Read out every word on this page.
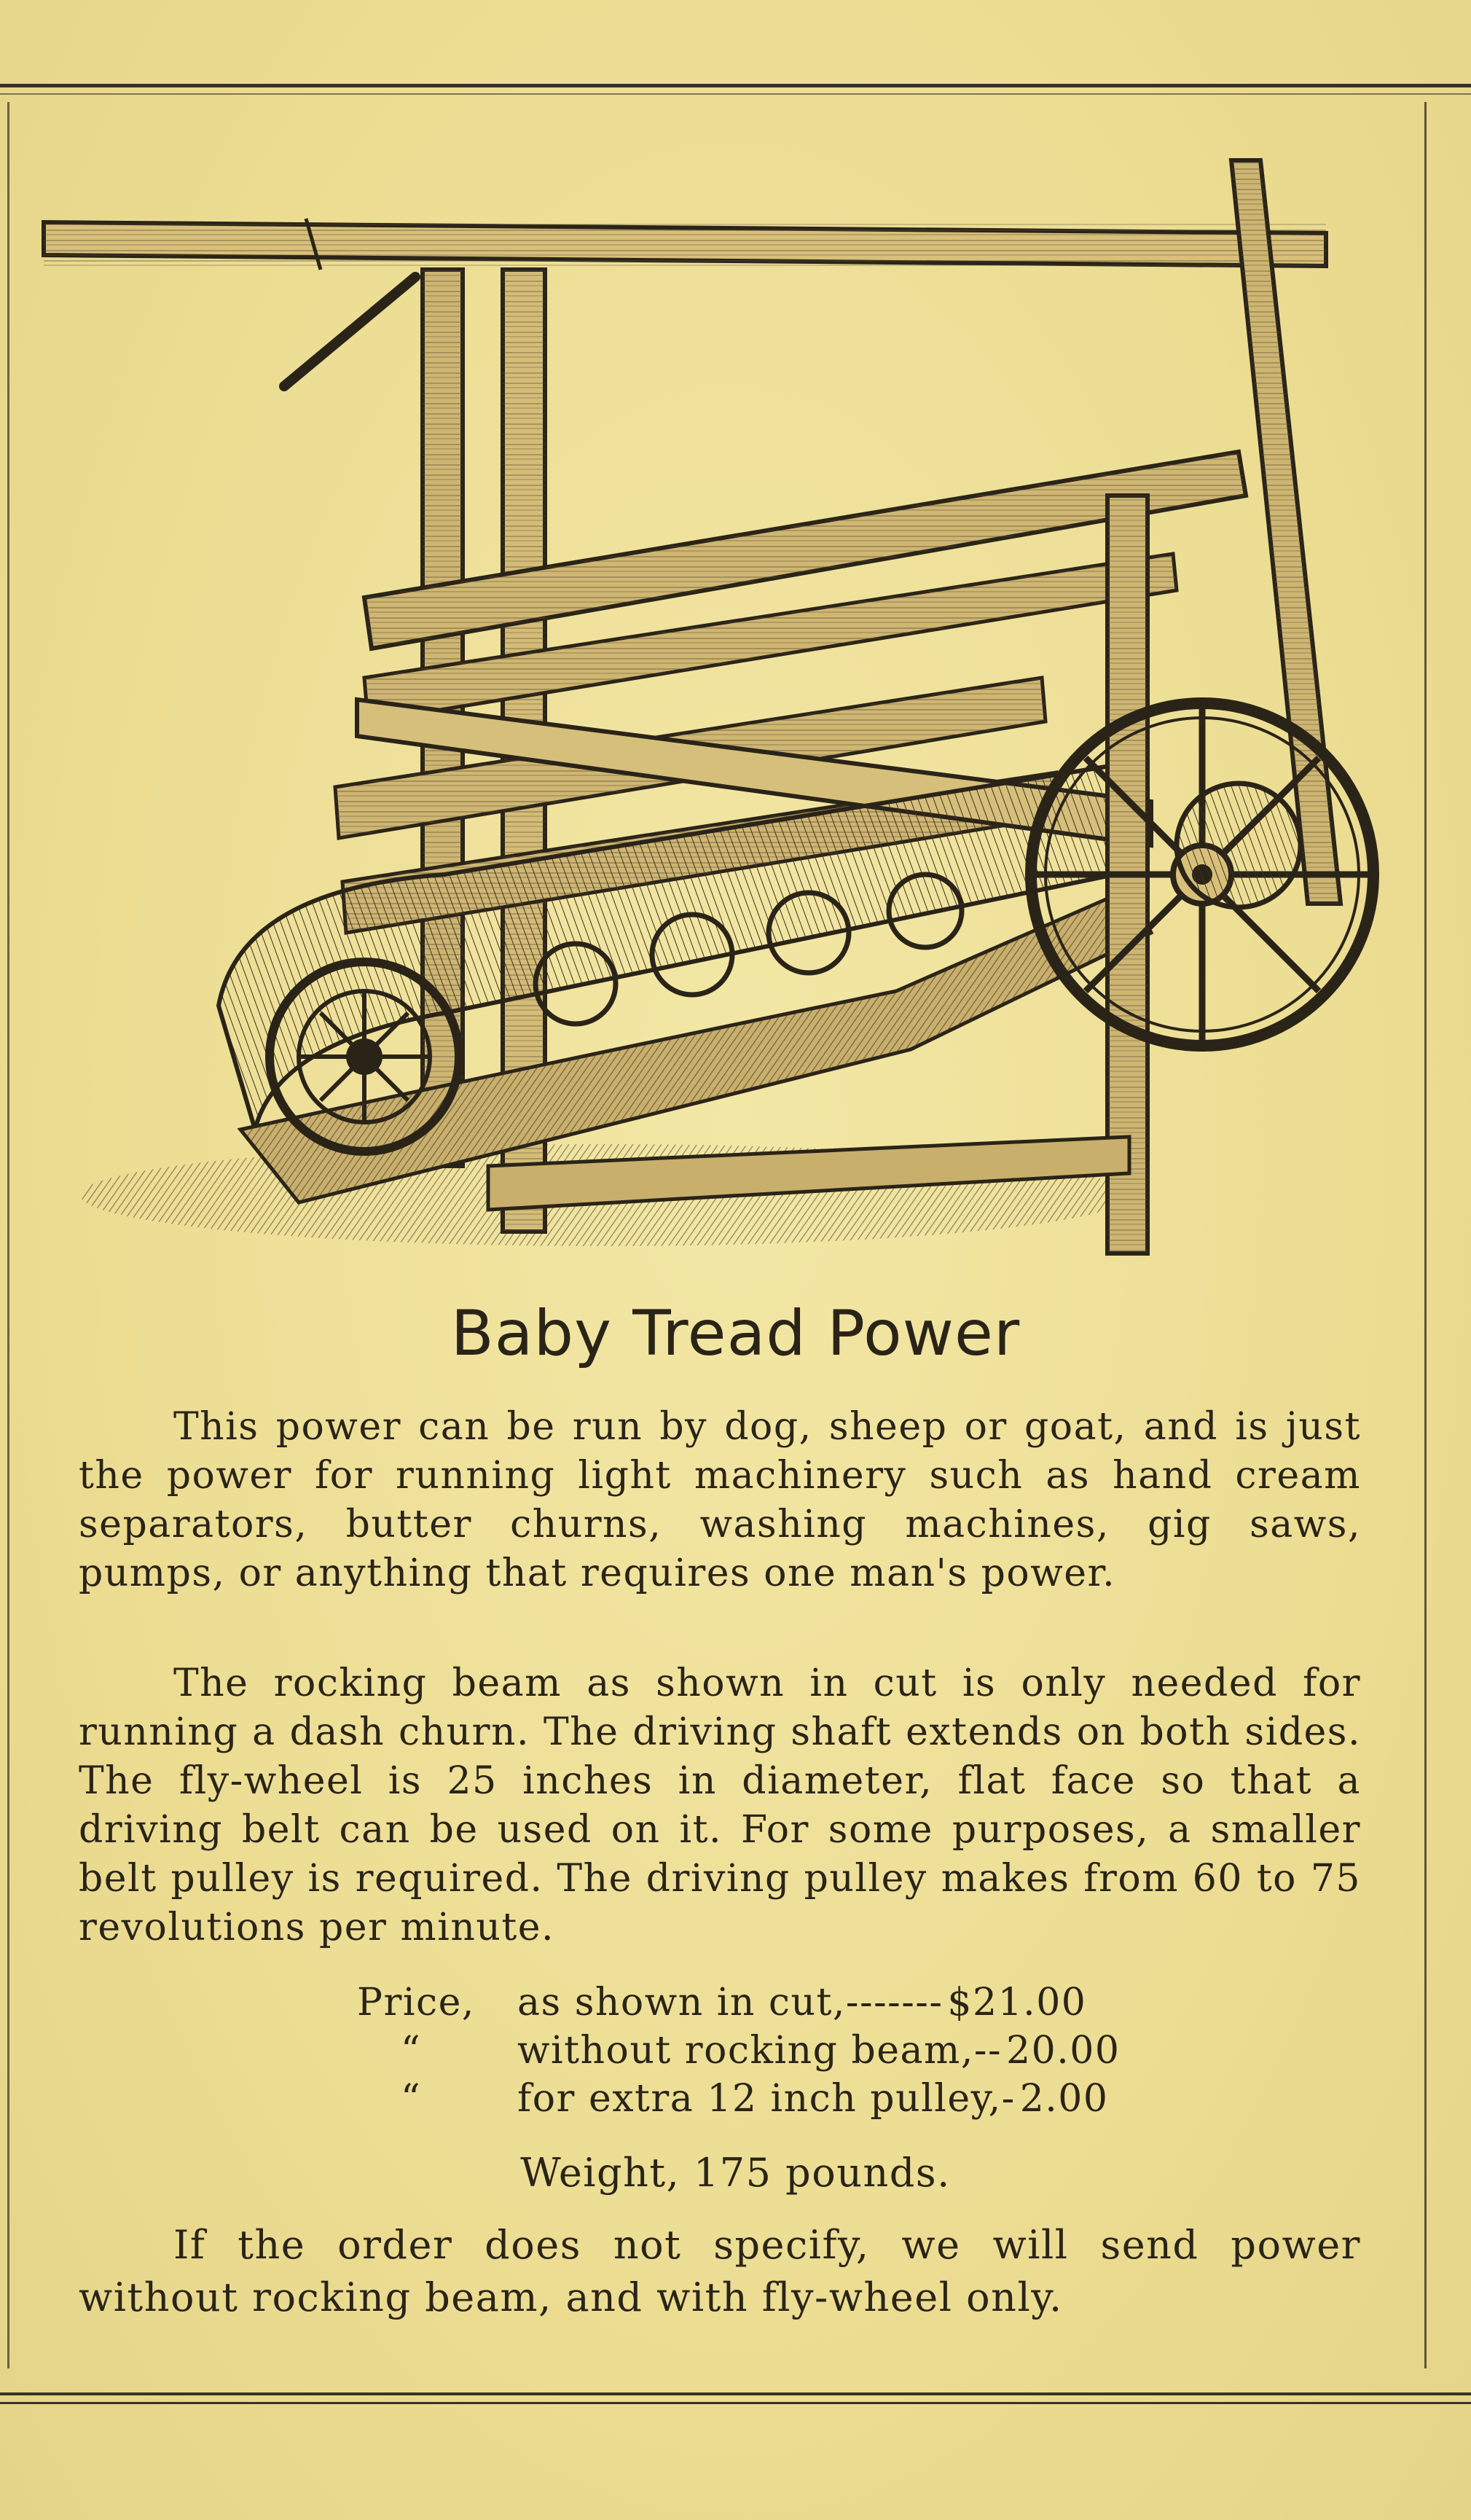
Baby Tread Power
This power can be run by dog, sheep or goat, and is just the power for running light machinery such as hand cream separators, butter churns, washing machines, gig saws, pumps, or anything that requires one man's power.
The rocking beam as shown in cut is only needed for running a dash churn. The driving shaft extends on both sides. The fly-wheel is 25 inches in diameter, flat face so that a driving belt can be used on it. For some purposes, a smaller belt pulley is required. The driving pulley makes from 60 to 75 revolutions per minute.
Price,	as shown in cut, ------- $21.00
“	without rocking beam, -- 20.00
“	for extra 12 inch pulley, - 2.00
Weight, 175 pounds.
If the order does not specify, we will send power without rocking beam, and with fly-wheel only.
